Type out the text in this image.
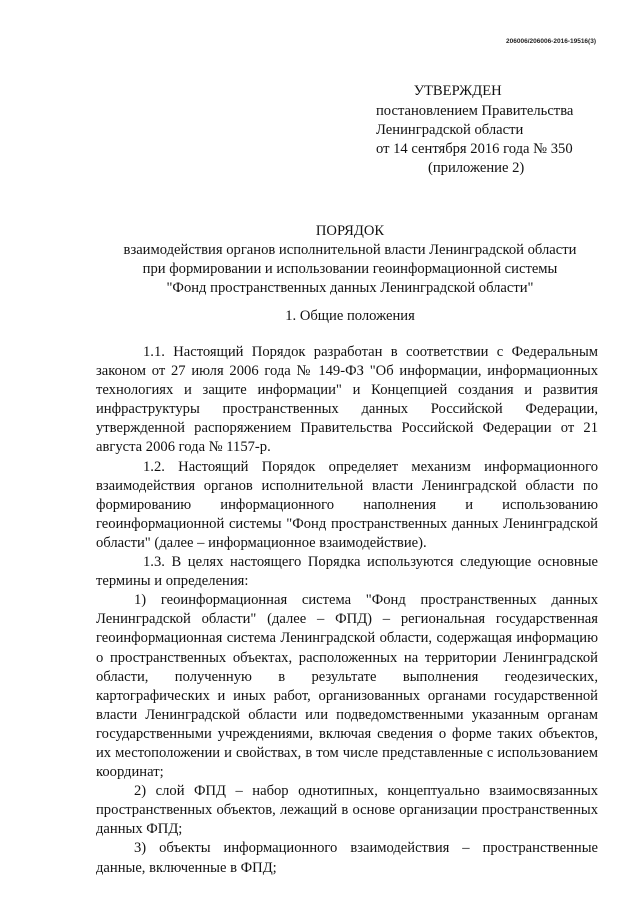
206006/206006-2016-19516(3)
УТВЕРЖДЕН
постановлением Правительства
Ленинградской области
от 14 сентября 2016 года № 350
(приложение 2)
ПОРЯДОК
взаимодействия органов исполнительной власти Ленинградской области
при формировании и использовании геоинформационной системы
"Фонд пространственных данных Ленинградской области"
1. Общие положения

1.1. Настоящий Порядок разработан в соответствии с Федеральным законом от 27 июля 2006 года № 149-ФЗ "Об информации, информационных технологиях и защите информации" и Концепцией создания и развития инфраструктуры пространственных данных Российской Федерации, утвержденной распоряжением Правительства Российской Федерации от 21 августа 2006 года № 1157-р.

1.2. Настоящий Порядок определяет механизм информационного взаимодействия органов исполнительной власти Ленинградской области по формированию информационного наполнения и использованию геоинформационной системы "Фонд пространственных данных Ленинградской области" (далее – информационное взаимодействие).

1.3. В целях настоящего Порядка используются следующие основные термины и определения:

1) геоинформационная система "Фонд пространственных данных Ленинградской области" (далее – ФПД) – региональная государственная геоинформационная система Ленинградской области, содержащая информацию о пространственных объектах, расположенных на территории Ленинградской области, полученную в результате выполнения геодезических, картографических и иных работ, организованных органами государственной власти Ленинградской области или подведомственными указанным органам государственными учреждениями, включая сведения о форме таких объектов, их местоположении и свойствах, в том числе представленные с использованием координат;

2) слой ФПД – набор однотипных, концептуально взаимосвязанных пространственных объектов, лежащий в основе организации пространственных данных ФПД;

3) объекты информационного взаимодействия – пространственные данные, включенные в ФПД;
